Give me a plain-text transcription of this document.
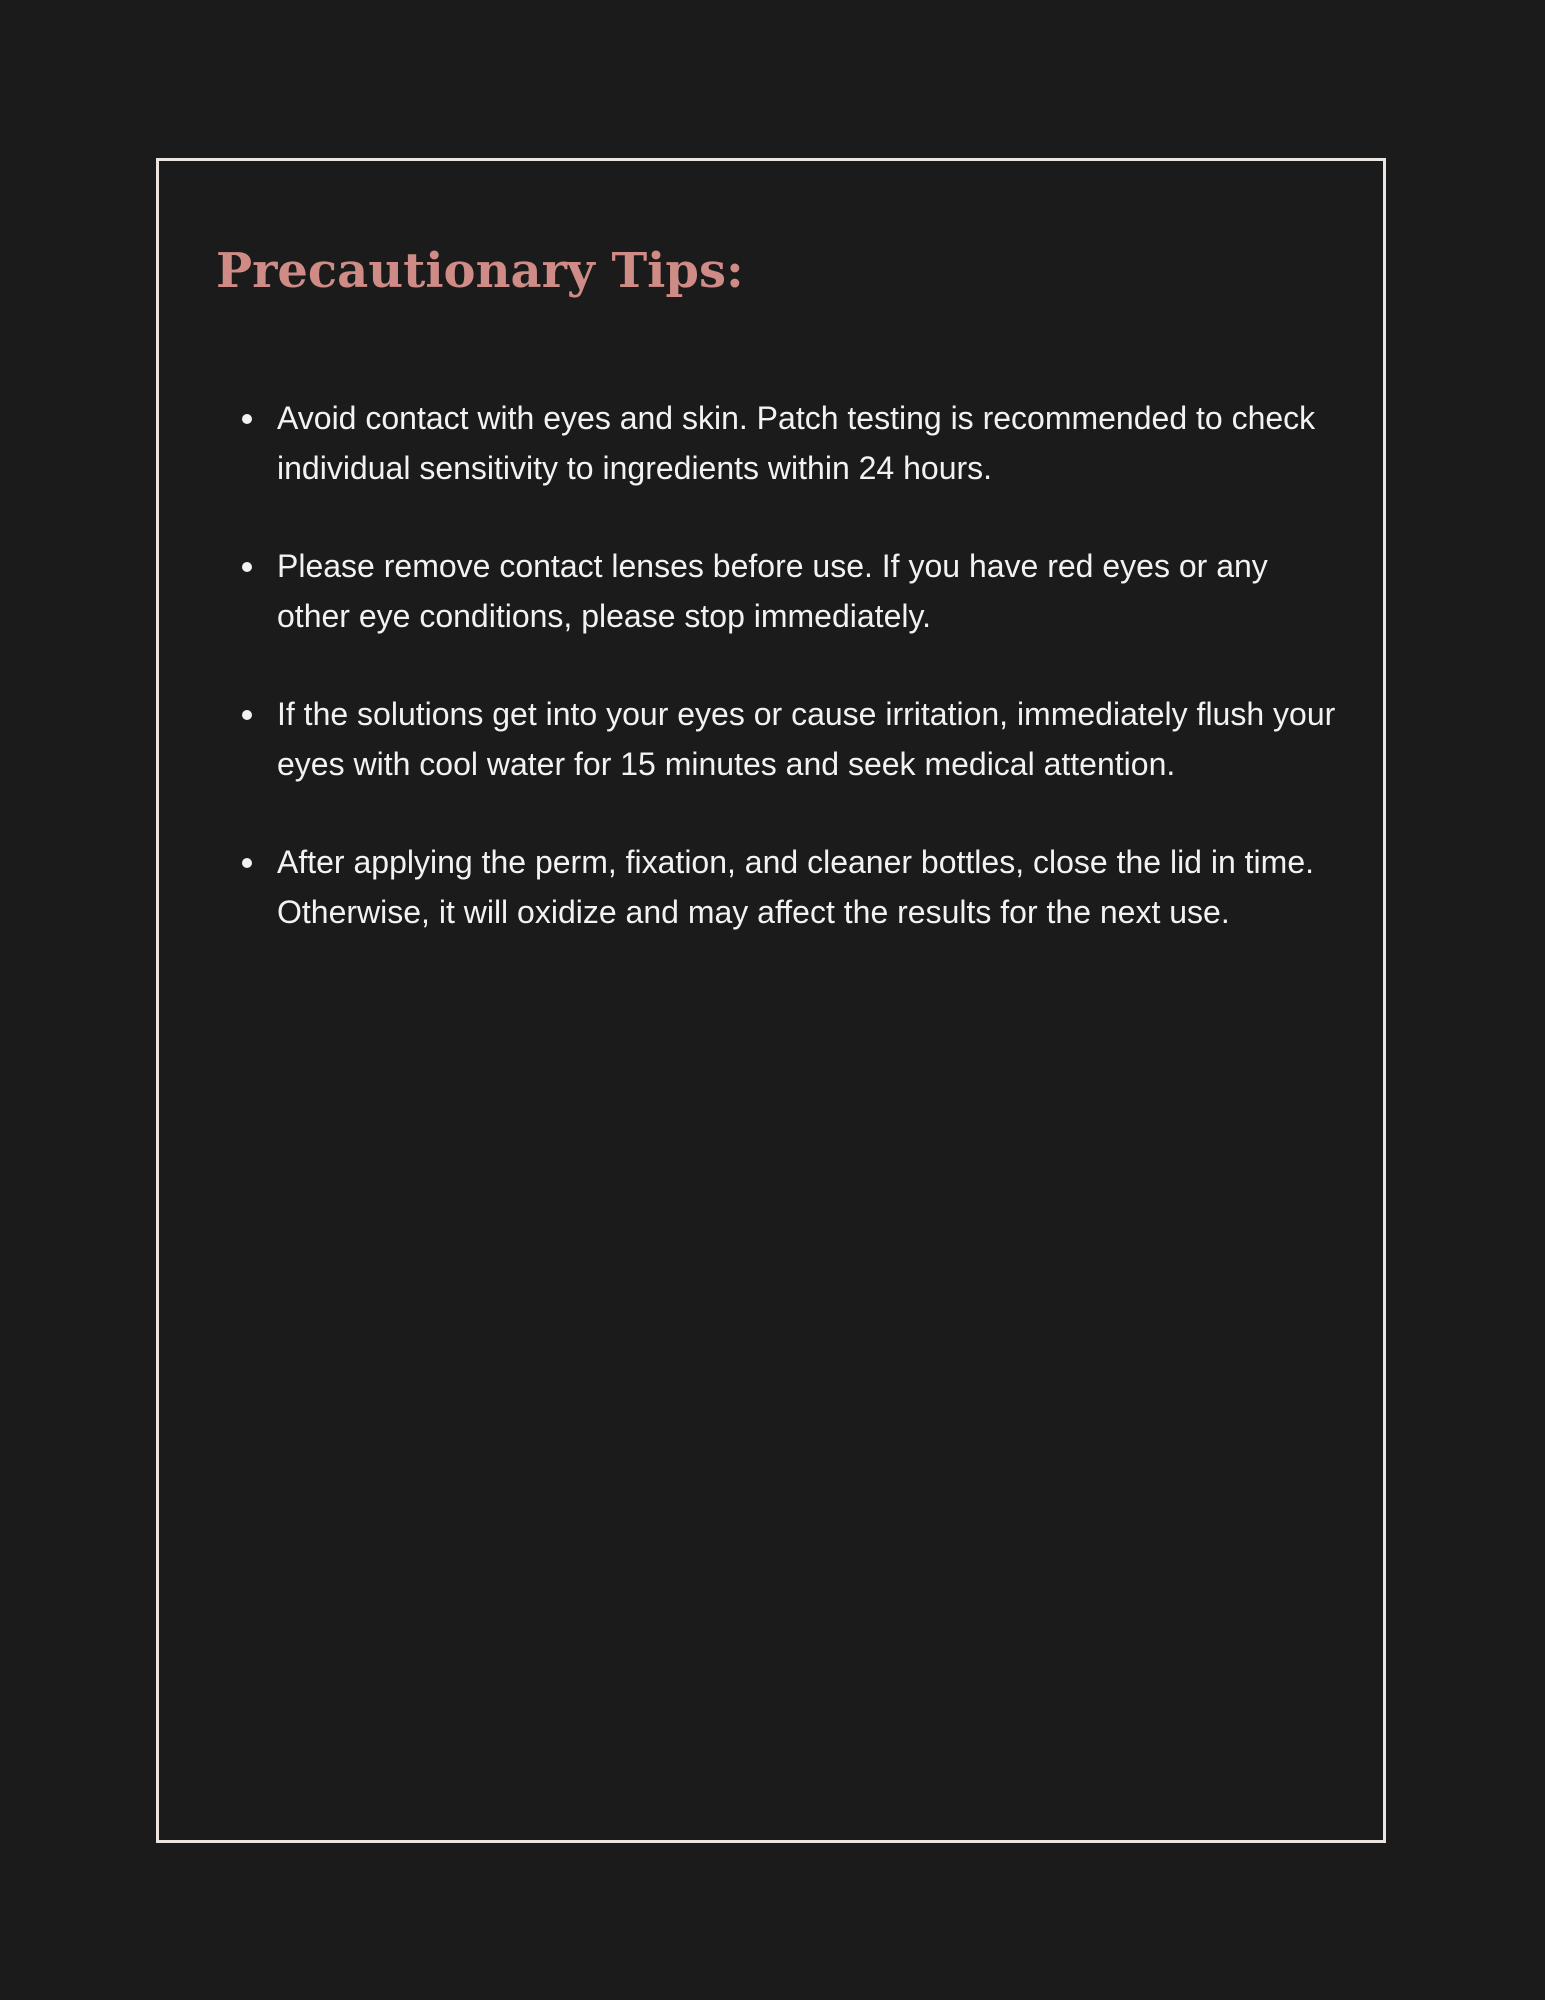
Precautionary Tips:
Avoid contact with eyes and skin. Patch testing is recommended to check individual sensitivity to ingredients within 24 hours.
Please remove contact lenses before use. If you have red eyes or any other eye conditions, please stop immediately.
If the solutions get into your eyes or cause irritation, immediately flush your eyes with cool water for 15 minutes and seek medical attention.
After applying the perm, fixation, and cleaner bottles, close the lid in time. Otherwise, it will oxidize and may affect the results for the next use.
